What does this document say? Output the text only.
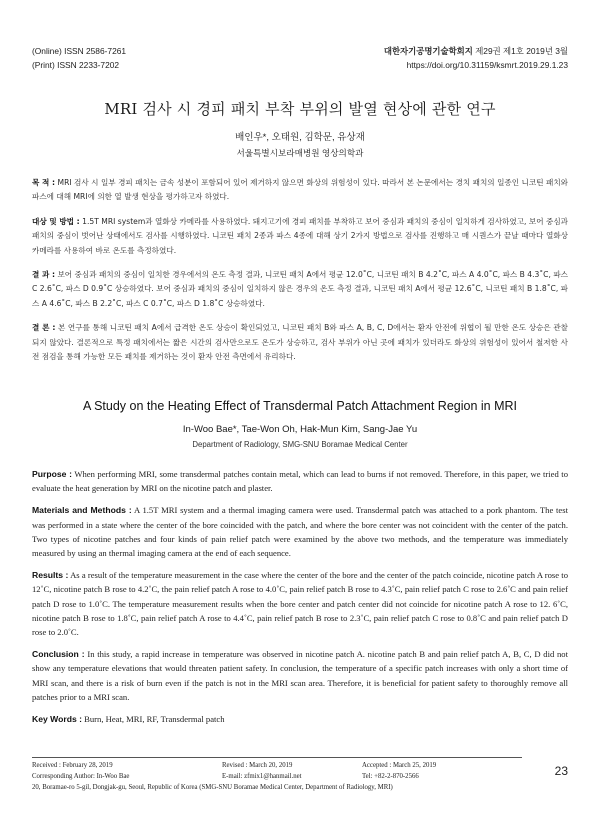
(Online) ISSN 2586-7261
(Print) ISSN 2233-7202
대한자기공명기술학회지 제29권 제1호 2019년 3월
https://doi.org/10.31159/ksmrt.2019.29.1.23
MRI 검사 시 경피 패치 부착 부위의 발열 현상에 관한 연구
배인우*, 오태원, 김학문, 유상재
서울특별시보라매병원 영상의학과

목 적 : MRI 검사 시 일부 경피 패치는 금속 성분이 포함되어 있어 제거하지 않으면 화상의 위험성이 있다. 따라서 본 논문에서는 경치 패치의 일종인 니코틴 패치와 파스에 대해 MRI에 의한 열 발생 현상을 평가하고자 하였다.

대상 및 방법 : 1.5T MRI system과 열화상 카메라를 사용하였다. 돼지고기에 경피 패치를 부착하고 보어 중심과 패치의 중심이 일치하게 검사하였고, 보어 중심과 패치의 중심이 벗어난 상태에서도 검사를 시행하였다. 니코틴 패치 2종과 파스 4종에 대해 상기 2가지 방법으로 검사를 진행하고 매 시퀀스가 끝날 때마다 열화상 카메라를 사용하여 바로 온도를 측정하였다.

결 과 : 보어 중심과 패치의 중심이 일치한 경우에서의 온도 측정 결과, 니코틴 패치 A에서 평균 12.0˚C, 니코틴 패치 B 4.2˚C, 파스 A 4.0˚C, 파스 B 4.3˚C, 파스 C 2.6˚C, 파스 D 0.9˚C 상승하였다. 보어 중심과 패치의 중심이 일치하지 않은 경우의 온도 측정 결과, 니코틴 패치 A에서 평균 12.6˚C, 니코틴 패치 B 1.8˚C, 파스 A 4.6˚C, 파스 B 2.2˚C, 파스 C 0.7˚C, 파스 D 1.8˚C 상승하였다.

결 론 : 본 연구를 통해 니코틴 패치 A에서 급격한 온도 상승이 확인되었고, 니코틴 패치 B와 파스 A, B, C, D에서는 환자 안전에 위협이 될 만한 온도 상승은 관찰되지 않았다. 결론적으로 특정 패치에서는 짧은 시간의 검사만으로도 온도가 상승하고, 검사 부위가 아닌 곳에 패치가 있더라도 화상의 위험성이 있어서 철저한 사전 점검을 통해 가능한 모든 패치를 제거하는 것이 환자 안전 측면에서 유리하다.

A Study on the Heating Effect of Transdermal Patch Attachment Region in MRI
In-Woo Bae*, Tae-Won Oh, Hak-Mun Kim, Sang-Jae Yu
Department of Radiology, SMG-SNU Boramae Medical Center

Purpose : When performing MRI, some transdermal patches contain metal, which can lead to burns if not removed. Therefore, in this paper, we tried to evaluate the heat generation by MRI on the nicotine patch and plaster.

Materials and Methods : A 1.5T MRI system and a thermal imaging camera were used. Transdermal patch was attached to a pork phantom. The test was performed in a state where the center of the bore coincided with the patch, and where the bore center was not coincident with the center of the patch. Two types of nicotine patches and four kinds of pain relief patch were examined by the above two methods, and the temperature was immediately measured by using an thermal imaging camera at the end of each sequence.

Results : As a result of the temperature measurement in the case where the center of the bore and the center of the patch coincide, nicotine patch A rose to 12˚C, nicotine patch B rose to 4.2˚C, the pain relief patch A rose to 4.0˚C, pain relief patch B rose to 4.3˚C, pain relief patch C rose to 2.6˚C and pain relief patch D rose to 1.0˚C. The temperature measurement results when the bore center and patch center did not coincide for nicotine patch A rose to 12. 6˚C, nicotine patch B rose to 1.8˚C, pain relief patch A rose to 4.4˚C, pain relief patch B rose to 2.3˚C, pain relief patch C rose to 0.8˚C and pain relief patch D rose to 2.0˚C.

Conclusion : In this study, a rapid increase in temperature was observed in nicotine patch A. nicotine patch B and pain relief patch A, B, C, D did not show any temperature elevations that would threaten patient safety. In conclusion, the temperature of a specific patch increases with only a short time of MRI scan, and there is a risk of burn even if the patch is not in the MRI scan area. Therefore, it is beneficial for patient safety to thoroughly remove all patches prior to a MRI scan.

Key Words : Burn, Heat, MRI, RF, Transdermal patch

Received : February 28, 2019	Revised : March 20, 2019	Accepted : March 25, 2019
Corresponding Author: In-Woo Bae	E-mail: zfmix1@hanmail.net	Tel: +82-2-870-2566
20, Boramae-ro 5-gil, Dongjak-gu, Seoul, Republic of Korea (SMG-SNU Boramae Medical Center, Department of Radiology, MRI)
23
